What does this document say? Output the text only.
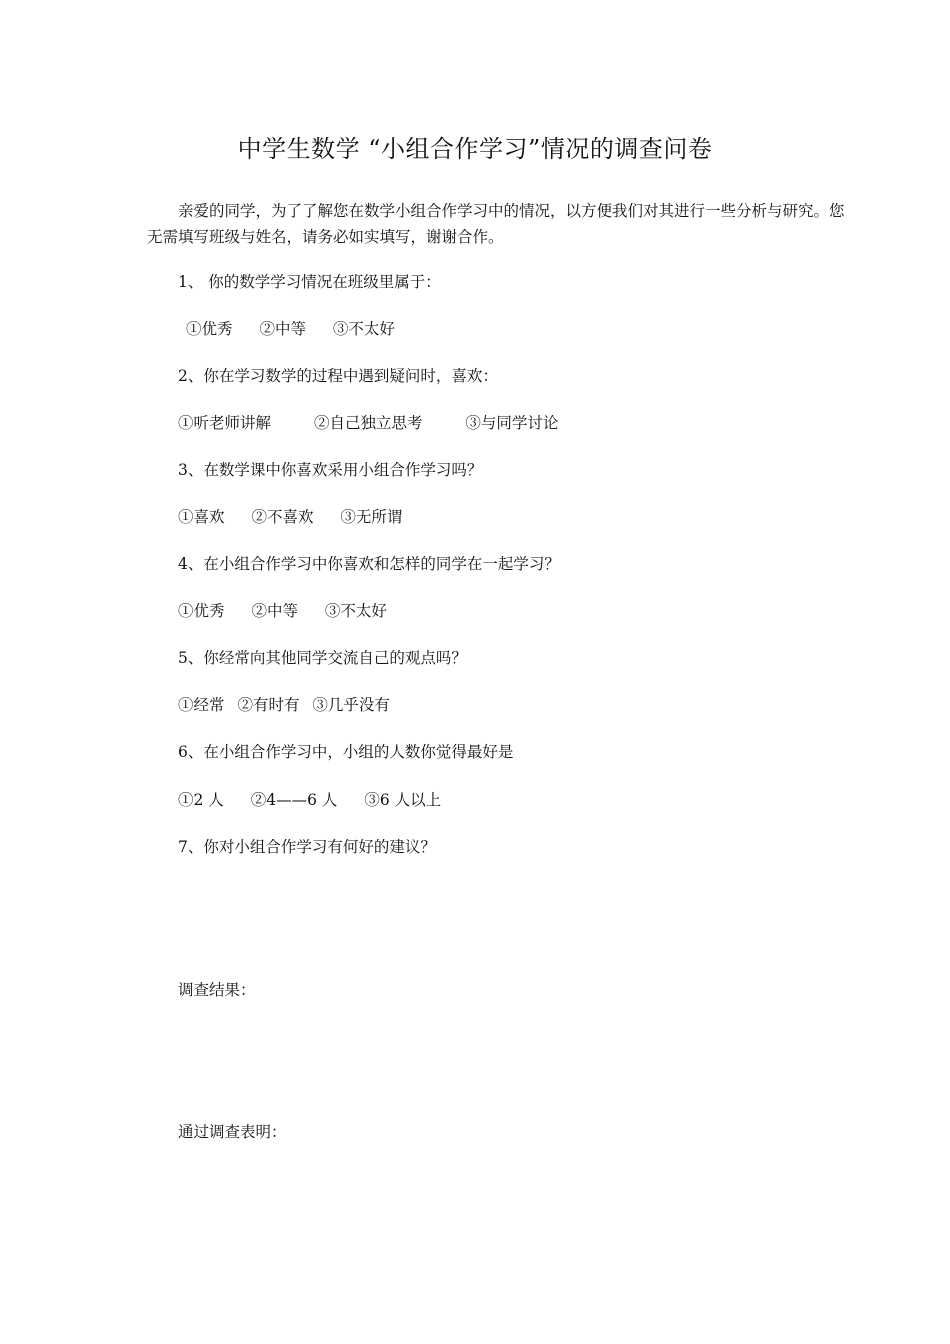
中学生数学 “小组合作学习”情况的调查问卷

亲爱的同学，为了了解您在数学小组合作学习中的情况，以方便我们对其进行一些分析与研究。您无需填写班级与姓名，请务必如实填写，谢谢合作。

1、 你的数学学习情况在班级里属于：
①优秀 ②中等 ③不太好
2、你在学习数学的过程中遇到疑问时，喜欢：
①听老师讲解	②自己独立思考	③与同学讨论
3、在数学课中你喜欢采用小组合作学习吗？
①喜欢 ②不喜欢 ③无所谓
4、在小组合作学习中你喜欢和怎样的同学在一起学习？
①优秀 ②中等 ③不太好
5、你经常向其他同学交流自己的观点吗？
①经常 ②有时有 ③几乎没有
6、在小组合作学习中，小组的人数你觉得最好是
①2 人 ②4——6 人 ③6 人以上
7、你对小组合作学习有何好的建议？
调查结果：
通过调查表明：
